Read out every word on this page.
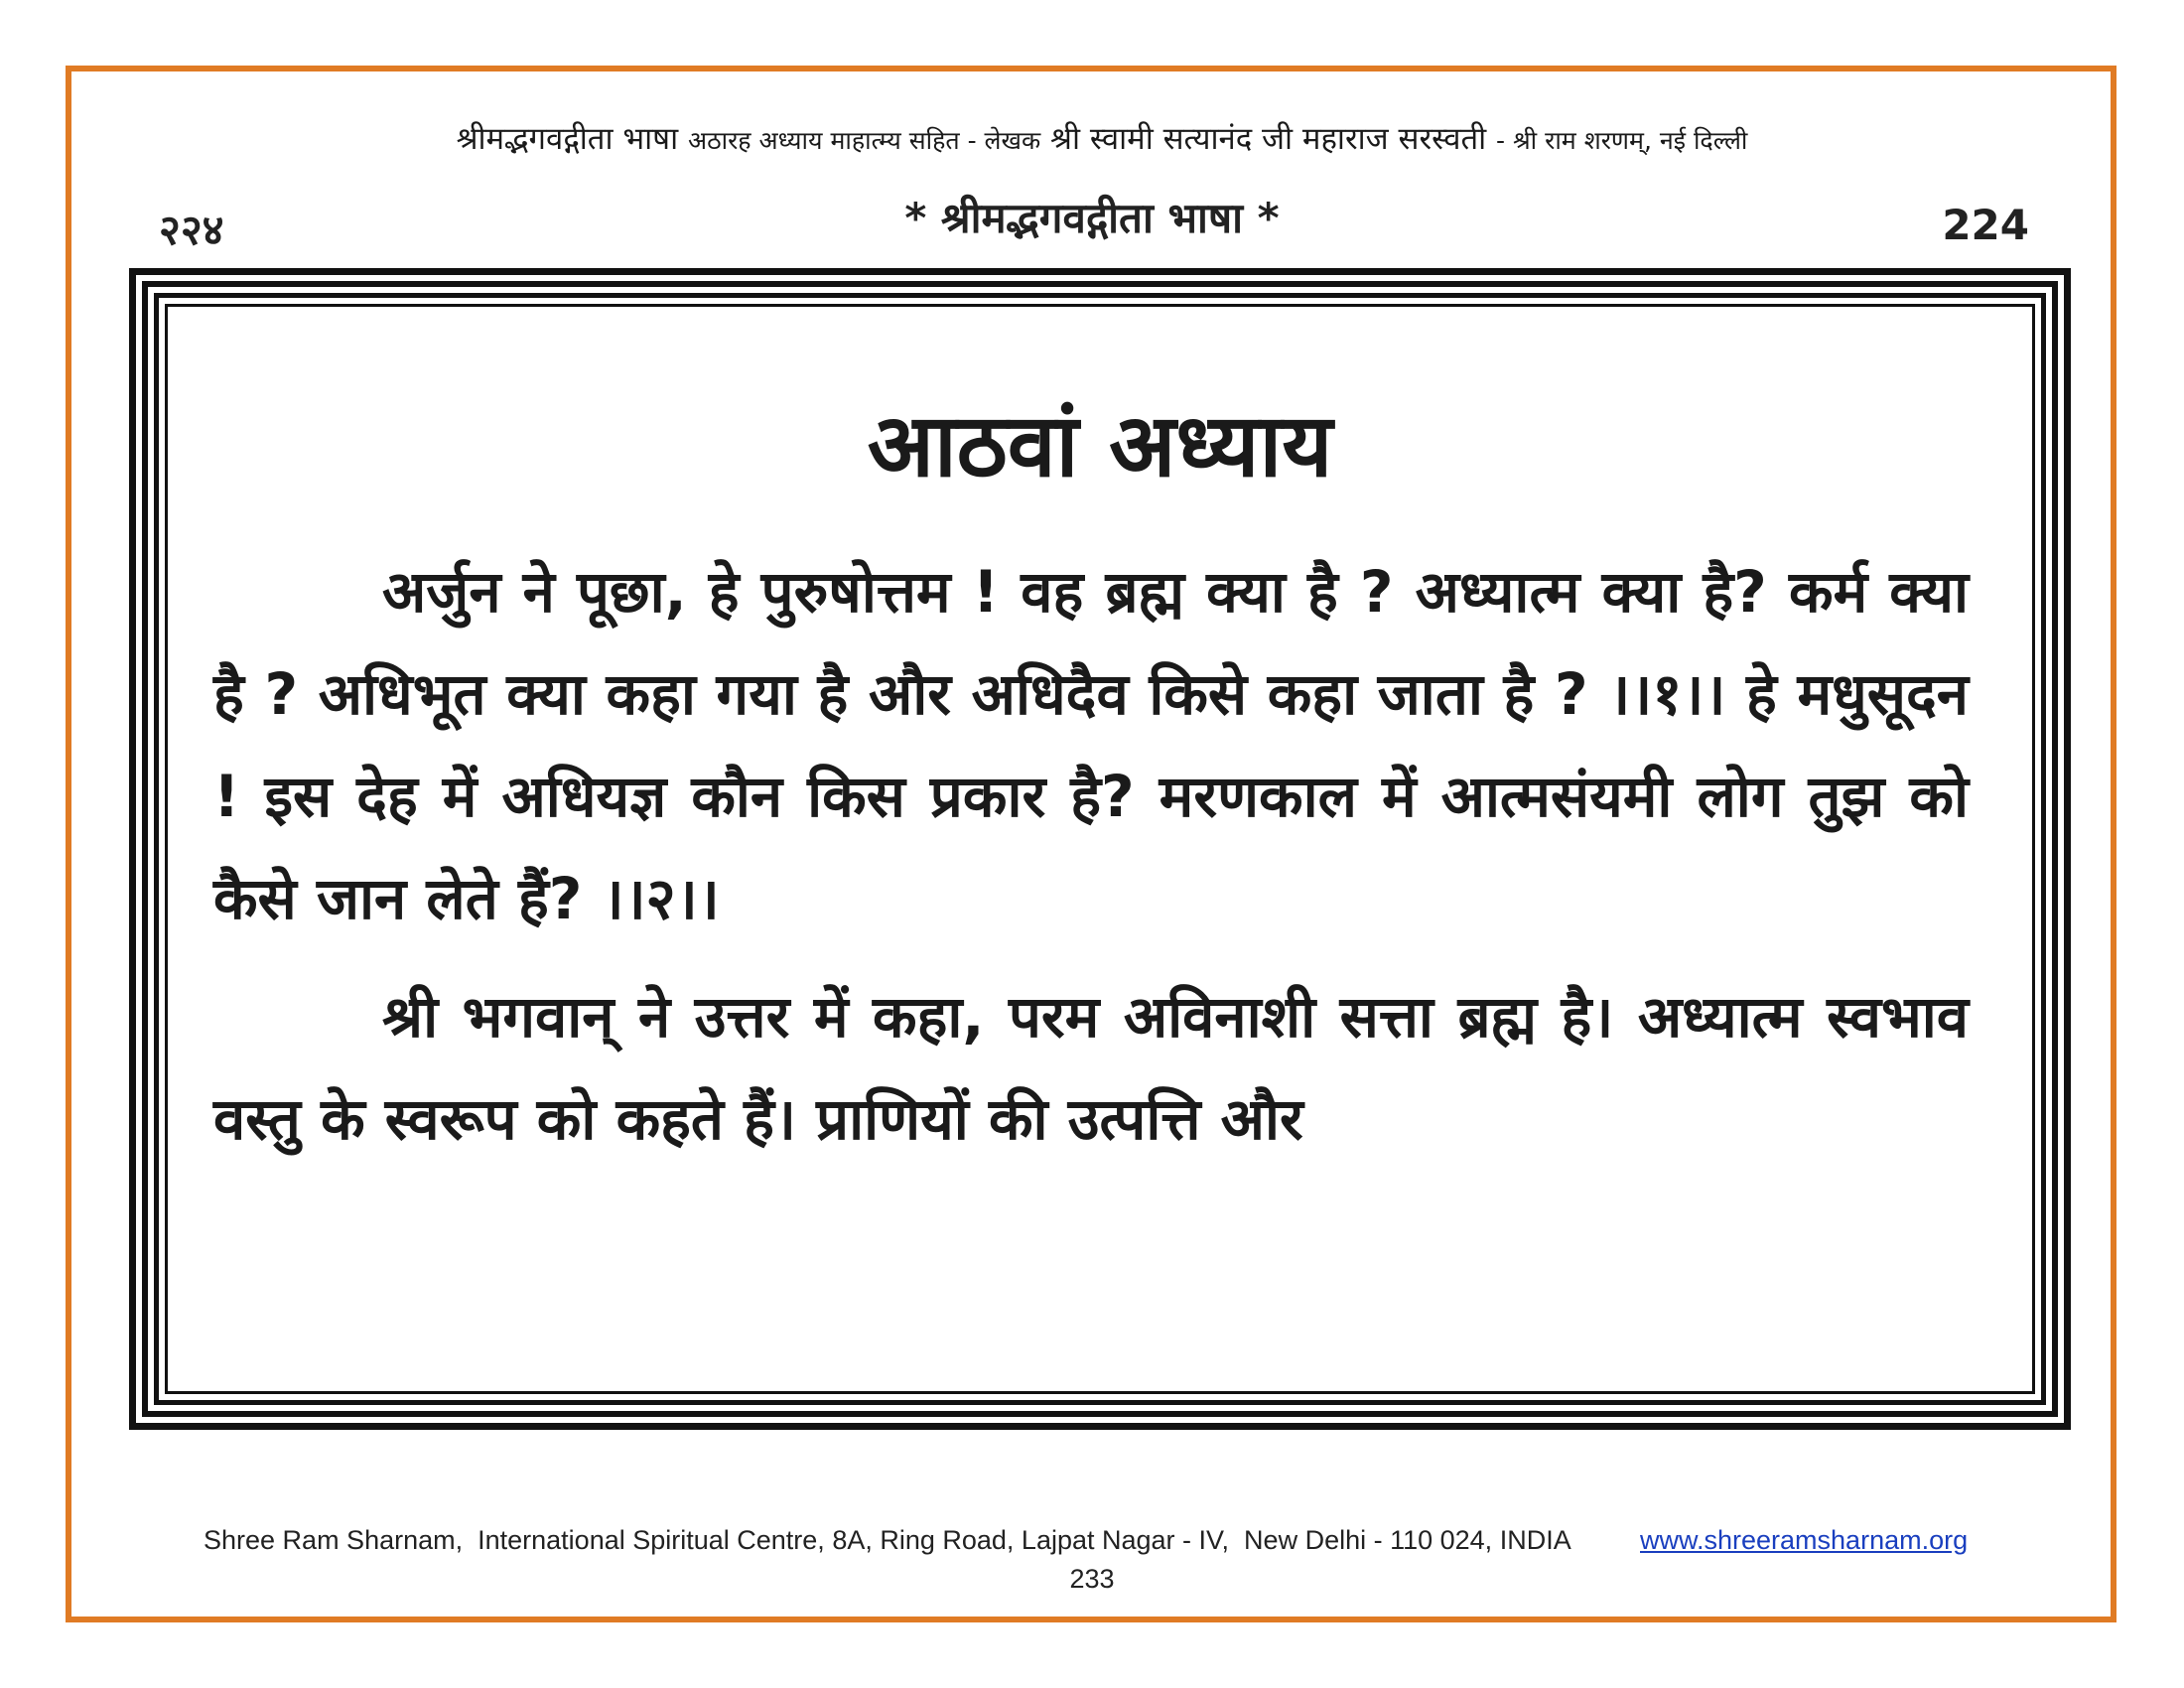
श्रीमद्भगवद्गीता भाषा अठारह अध्याय माहात्म्य सहित - लेखक श्री स्वामी सत्यानंद जी महाराज सरस्वती - श्री राम शरणम्, नई दिल्ली
२२४	* श्रीमद्भगवद्गीता भाषा *	224
आठवां अध्याय

अर्जुन ने पूछा, हे पुरुषोत्तम ! वह ब्रह्म क्या है ? अध्यात्म क्या है? कर्म क्या है ? अधिभूत क्या कहा गया है और अधिदैव किसे कहा जाता है ? ।।१।। हे मधुसूदन ! इस देह में अधियज्ञ कौन किस प्रकार है? मरणकाल में आत्मसंयमी लोग तुझ को कैसे जान लेते हैं? ।।२।।

श्री भगवान् ने उत्तर में कहा, परम अविनाशी सत्ता ब्रह्म है। अध्यात्म स्वभाव वस्तु के स्वरूप को कहते हैं। प्राणियों की उत्पत्ति और

Shree Ram Sharnam,  International Spiritual Centre, 8A, Ring Road, Lajpat Nagar - IV,  New Delhi - 110 024, INDIA	www.shreeramsharnam.org
233
